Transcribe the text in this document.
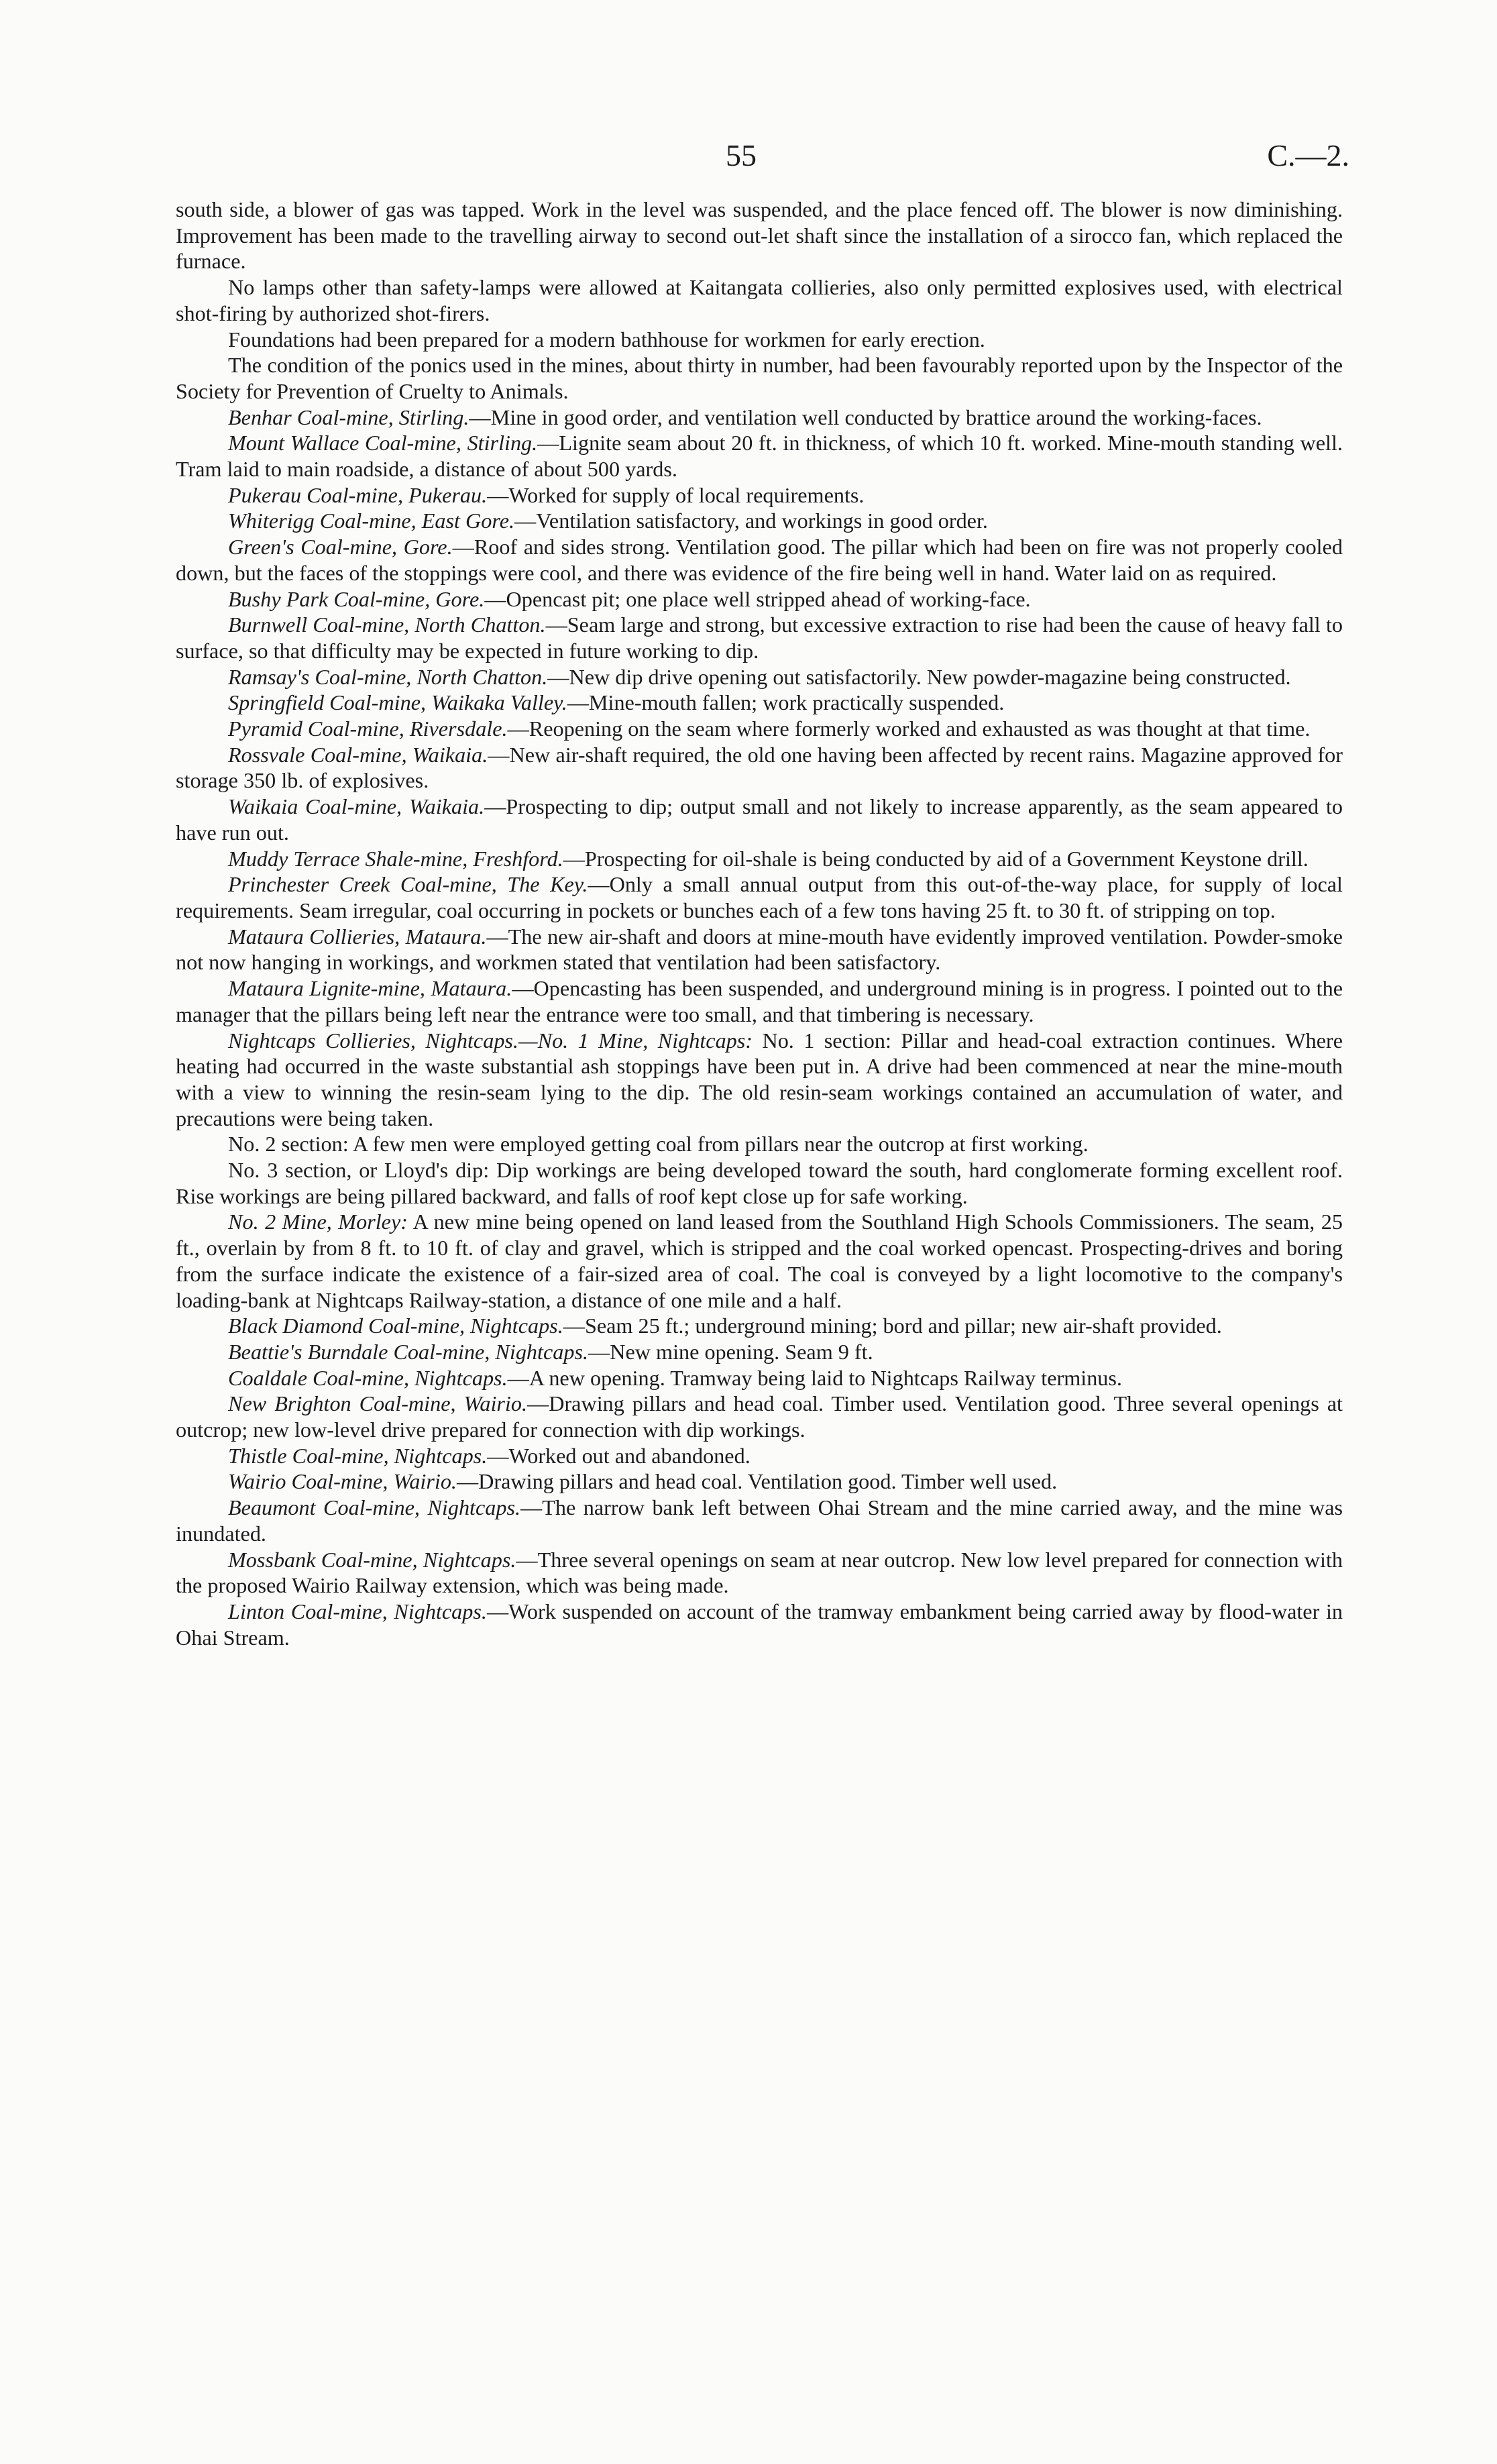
55	C.—2.

south side, a blower of gas was tapped. Work in the level was suspended, and the place fenced off. The blower is now diminishing. Improvement has been made to the travelling airway to second out-let shaft since the installation of a sirocco fan, which replaced the furnace.

No lamps other than safety-lamps were allowed at Kaitangata collieries, also only permitted explosives used, with electrical shot-firing by authorized shot-firers.

Foundations had been prepared for a modern bathhouse for workmen for early erection.

The condition of the ponics used in the mines, about thirty in number, had been favourably reported upon by the Inspector of the Society for Prevention of Cruelty to Animals.

Benhar Coal-mine, Stirling.—Mine in good order, and ventilation well conducted by brattice around the working-faces.

Mount Wallace Coal-mine, Stirling.—Lignite seam about 20 ft. in thickness, of which 10 ft. worked. Mine-mouth standing well. Tram laid to main roadside, a distance of about 500 yards.

Pukerau Coal-mine, Pukerau.—Worked for supply of local requirements.

Whiterigg Coal-mine, East Gore.—Ventilation satisfactory, and workings in good order.

Green's Coal-mine, Gore.—Roof and sides strong. Ventilation good. The pillar which had been on fire was not properly cooled down, but the faces of the stoppings were cool, and there was evidence of the fire being well in hand. Water laid on as required.

Bushy Park Coal-mine, Gore.—Opencast pit; one place well stripped ahead of working-face.

Burnwell Coal-mine, North Chatton.—Seam large and strong, but excessive extraction to rise had been the cause of heavy fall to surface, so that difficulty may be expected in future working to dip.

Ramsay's Coal-mine, North Chatton.—New dip drive opening out satisfactorily. New powder-magazine being constructed.

Springfield Coal-mine, Waikaka Valley.—Mine-mouth fallen; work practically suspended.

Pyramid Coal-mine, Riversdale.—Reopening on the seam where formerly worked and exhausted as was thought at that time.

Rossvale Coal-mine, Waikaia.—New air-shaft required, the old one having been affected by recent rains. Magazine approved for storage 350 lb. of explosives.

Waikaia Coal-mine, Waikaia.—Prospecting to dip; output small and not likely to increase apparently, as the seam appeared to have run out.

Muddy Terrace Shale-mine, Freshford.—Prospecting for oil-shale is being conducted by aid of a Government Keystone drill.

Princhester Creek Coal-mine, The Key.—Only a small annual output from this out-of-the-way place, for supply of local requirements. Seam irregular, coal occurring in pockets or bunches each of a few tons having 25 ft. to 30 ft. of stripping on top.

Mataura Collieries, Mataura.—The new air-shaft and doors at mine-mouth have evidently improved ventilation. Powder-smoke not now hanging in workings, and workmen stated that ventilation had been satisfactory.

Mataura Lignite-mine, Mataura.—Opencasting has been suspended, and underground mining is in progress. I pointed out to the manager that the pillars being left near the entrance were too small, and that timbering is necessary.

Nightcaps Collieries, Nightcaps.—No. 1 Mine, Nightcaps: No. 1 section: Pillar and head-coal extraction continues. Where heating had occurred in the waste substantial ash stoppings have been put in. A drive had been commenced at near the mine-mouth with a view to winning the resin-seam lying to the dip. The old resin-seam workings contained an accumulation of water, and precautions were being taken.

No. 2 section: A few men were employed getting coal from pillars near the outcrop at first working.

No. 3 section, or Lloyd's dip: Dip workings are being developed toward the south, hard conglomerate forming excellent roof. Rise workings are being pillared backward, and falls of roof kept close up for safe working.

No. 2 Mine, Morley: A new mine being opened on land leased from the Southland High Schools Commissioners. The seam, 25 ft., overlain by from 8 ft. to 10 ft. of clay and gravel, which is stripped and the coal worked opencast. Prospecting-drives and boring from the surface indicate the existence of a fair-sized area of coal. The coal is conveyed by a light locomotive to the company's loading-bank at Nightcaps Railway-station, a distance of one mile and a half.

Black Diamond Coal-mine, Nightcaps.—Seam 25 ft.; underground mining; bord and pillar; new air-shaft provided.

Beattie's Burndale Coal-mine, Nightcaps.—New mine opening. Seam 9 ft.

Coaldale Coal-mine, Nightcaps.—A new opening. Tramway being laid to Nightcaps Railway terminus.

New Brighton Coal-mine, Wairio.—Drawing pillars and head coal. Timber used. Ventilation good. Three several openings at outcrop; new low-level drive prepared for connection with dip workings.

Thistle Coal-mine, Nightcaps.—Worked out and abandoned.

Wairio Coal-mine, Wairio.—Drawing pillars and head coal. Ventilation good. Timber well used.

Beaumont Coal-mine, Nightcaps.—The narrow bank left between Ohai Stream and the mine carried away, and the mine was inundated.

Mossbank Coal-mine, Nightcaps.—Three several openings on seam at near outcrop. New low level prepared for connection with the proposed Wairio Railway extension, which was being made.

Linton Coal-mine, Nightcaps.—Work suspended on account of the tramway embankment being carried away by flood-water in Ohai Stream.
